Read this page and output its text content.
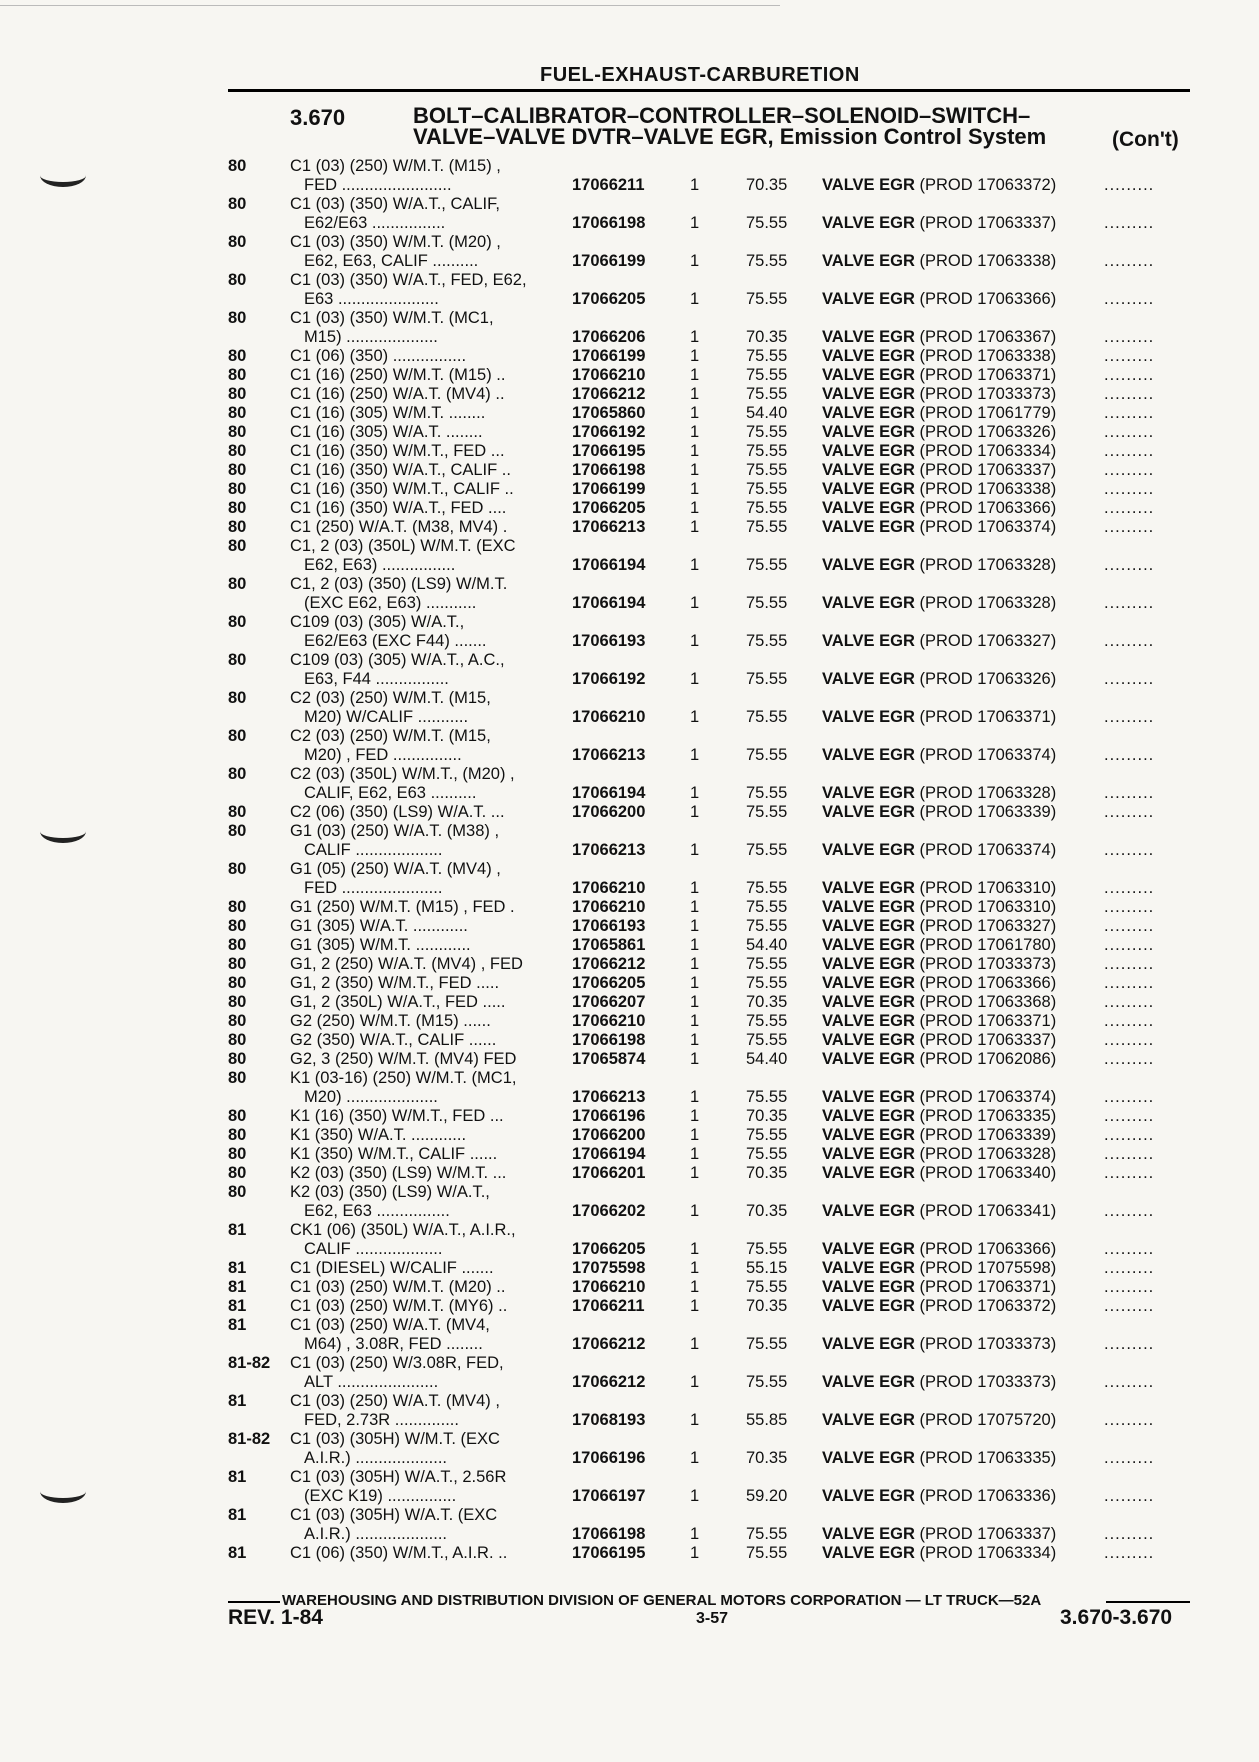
FUEL-EXHAUST-CARBURETION
3.670	BOLT–CALIBRATOR–CONTROLLER–SOLENOID–SWITCH–
VALVE–VALVE DVTR–VALVE EGR, Emission Control System	(Con't)
80	C1 (03) (250) W/M.T. (M15) ,
FED ........................	17066211	1	70.35 VALVE EGR (PROD 17063372)	.........
80	C1 (03) (350) W/A.T., CALIF,
E62/E63 ................	17066198	1	75.55 VALVE EGR (PROD 17063337)	.........
80	C1 (03) (350) W/M.T. (M20) ,
E62, E63, CALIF ..........	17066199	1	75.55 VALVE EGR (PROD 17063338)	.........
80	C1 (03) (350) W/A.T., FED, E62,
E63 ......................	17066205	1	75.55 VALVE EGR (PROD 17063366)	.........
80	C1 (03) (350) W/M.T. (MC1,
M15) ....................	17066206	1	70.35 VALVE EGR (PROD 17063367)	.........
80	C1 (06) (350) ................	17066199	1	75.55 VALVE EGR (PROD 17063338)	.........
80	C1 (16) (250) W/M.T. (M15) ..	17066210	1	75.55 VALVE EGR (PROD 17063371)	.........
80	C1 (16) (250) W/A.T. (MV4) ..	17066212	1	75.55 VALVE EGR (PROD 17033373)	.........
80	C1 (16) (305) W/M.T. ........	17065860	1	54.40 VALVE EGR (PROD 17061779)	.........
80	C1 (16) (305) W/A.T. ........	17066192	1	75.55 VALVE EGR (PROD 17063326)	.........
80	C1 (16) (350) W/M.T., FED ...	17066195	1	75.55 VALVE EGR (PROD 17063334)	.........
80	C1 (16) (350) W/A.T., CALIF ..	17066198	1	75.55 VALVE EGR (PROD 17063337)	.........
80	C1 (16) (350) W/M.T., CALIF ..	17066199	1	75.55 VALVE EGR (PROD 17063338)	.........
80	C1 (16) (350) W/A.T., FED ....	17066205	1	75.55 VALVE EGR (PROD 17063366)	.........
80	C1 (250) W/A.T. (M38, MV4) .	17066213	1	75.55 VALVE EGR (PROD 17063374)	.........
80	C1, 2 (03) (350L) W/M.T. (EXC
E62, E63) ................	17066194	1	75.55 VALVE EGR (PROD 17063328)	.........
80	C1, 2 (03) (350) (LS9) W/M.T.
(EXC E62, E63) ...........	17066194	1	75.55 VALVE EGR (PROD 17063328)	.........
80	C109 (03) (305) W/A.T.,
E62/E63 (EXC F44) .......	17066193	1	75.55 VALVE EGR (PROD 17063327)	.........
80	C109 (03) (305) W/A.T., A.C.,
E63, F44 ................	17066192	1	75.55 VALVE EGR (PROD 17063326)	.........
80	C2 (03) (250) W/M.T. (M15,
M20) W/CALIF ...........	17066210	1	75.55 VALVE EGR (PROD 17063371)	.........
80	C2 (03) (250) W/M.T. (M15,
M20) , FED ...............	17066213	1	75.55 VALVE EGR (PROD 17063374)	.........
80	C2 (03) (350L) W/M.T., (M20) ,
CALIF, E62, E63 ..........	17066194	1	75.55 VALVE EGR (PROD 17063328)	.........
80	C2 (06) (350) (LS9) W/A.T. ...	17066200	1	75.55 VALVE EGR (PROD 17063339)	.........
80	G1 (03) (250) W/A.T. (M38) ,
CALIF ...................	17066213	1	75.55 VALVE EGR (PROD 17063374)	.........
80	G1 (05) (250) W/A.T. (MV4) ,
FED ......................	17066210	1	75.55 VALVE EGR (PROD 17063310)	.........
80	G1 (250) W/M.T. (M15) , FED .	17066210	1	75.55 VALVE EGR (PROD 17063310)	.........
80	G1 (305) W/A.T. ............	17066193	1	75.55 VALVE EGR (PROD 17063327)	.........
80	G1 (305) W/M.T. ............	17065861	1	54.40 VALVE EGR (PROD 17061780)	.........
80	G1, 2 (250) W/A.T. (MV4) , FED	17066212	1	75.55 VALVE EGR (PROD 17033373)	.........
80	G1, 2 (350) W/M.T., FED .....	17066205	1	75.55 VALVE EGR (PROD 17063366)	.........
80	G1, 2 (350L) W/A.T., FED .....	17066207	1	70.35 VALVE EGR (PROD 17063368)	.........
80	G2 (250) W/M.T. (M15) ......	17066210	1	75.55 VALVE EGR (PROD 17063371)	.........
80	G2 (350) W/A.T., CALIF ......	17066198	1	75.55 VALVE EGR (PROD 17063337)	.........
80	G2, 3 (250) W/M.T. (MV4) FED	17065874	1	54.40 VALVE EGR (PROD 17062086)	.........
80	K1 (03-16) (250) W/M.T. (MC1,
M20) ....................	17066213	1	75.55 VALVE EGR (PROD 17063374)	.........
80	K1 (16) (350) W/M.T., FED ...	17066196	1	70.35 VALVE EGR (PROD 17063335)	.........
80	K1 (350) W/A.T. ............	17066200	1	75.55 VALVE EGR (PROD 17063339)	.........
80	K1 (350) W/M.T., CALIF ......	17066194	1	75.55 VALVE EGR (PROD 17063328)	.........
80	K2 (03) (350) (LS9) W/M.T. ...	17066201	1	70.35 VALVE EGR (PROD 17063340)	.........
80	K2 (03) (350) (LS9) W/A.T.,
E62, E63 ................	17066202	1	70.35 VALVE EGR (PROD 17063341)	.........
81	CK1 (06) (350L) W/A.T., A.I.R.,
CALIF ...................	17066205	1	75.55 VALVE EGR (PROD 17063366)	.........
81	C1 (DIESEL) W/CALIF .......	17075598	1	55.15 VALVE EGR (PROD 17075598)	.........
81	C1 (03) (250) W/M.T. (M20) ..	17066210	1	75.55 VALVE EGR (PROD 17063371)	.........
81	C1 (03) (250) W/M.T. (MY6) ..	17066211	1	70.35 VALVE EGR (PROD 17063372)	.........
81	C1 (03) (250) W/A.T. (MV4,
M64) , 3.08R, FED ........	17066212	1	75.55 VALVE EGR (PROD 17033373)	.........
81-82 C1 (03) (250) W/3.08R, FED,
ALT ......................	17066212	1	75.55 VALVE EGR (PROD 17033373)	.........
81	C1 (03) (250) W/A.T. (MV4) ,
FED, 2.73R ..............	17068193	1	55.85 VALVE EGR (PROD 17075720)	.........
81-82 C1 (03) (305H) W/M.T. (EXC
A.I.R.) ....................	17066196	1	70.35 VALVE EGR (PROD 17063335)	.........
81	C1 (03) (305H) W/A.T., 2.56R
(EXC K19) ...............	17066197	1	59.20 VALVE EGR (PROD 17063336)	.........
81	C1 (03) (305H) W/A.T. (EXC
A.I.R.) ....................	17066198	1	75.55 VALVE EGR (PROD 17063337)	.........
81	C1 (06) (350) W/M.T., A.I.R. ..	17066195	1	75.55 VALVE EGR (PROD 17063334)	.........
WAREHOUSING AND DISTRIBUTION DIVISION OF GENERAL MOTORS CORPORATION — LT TRUCK—52A
REV. 1-84	3-57	3.670-3.670
